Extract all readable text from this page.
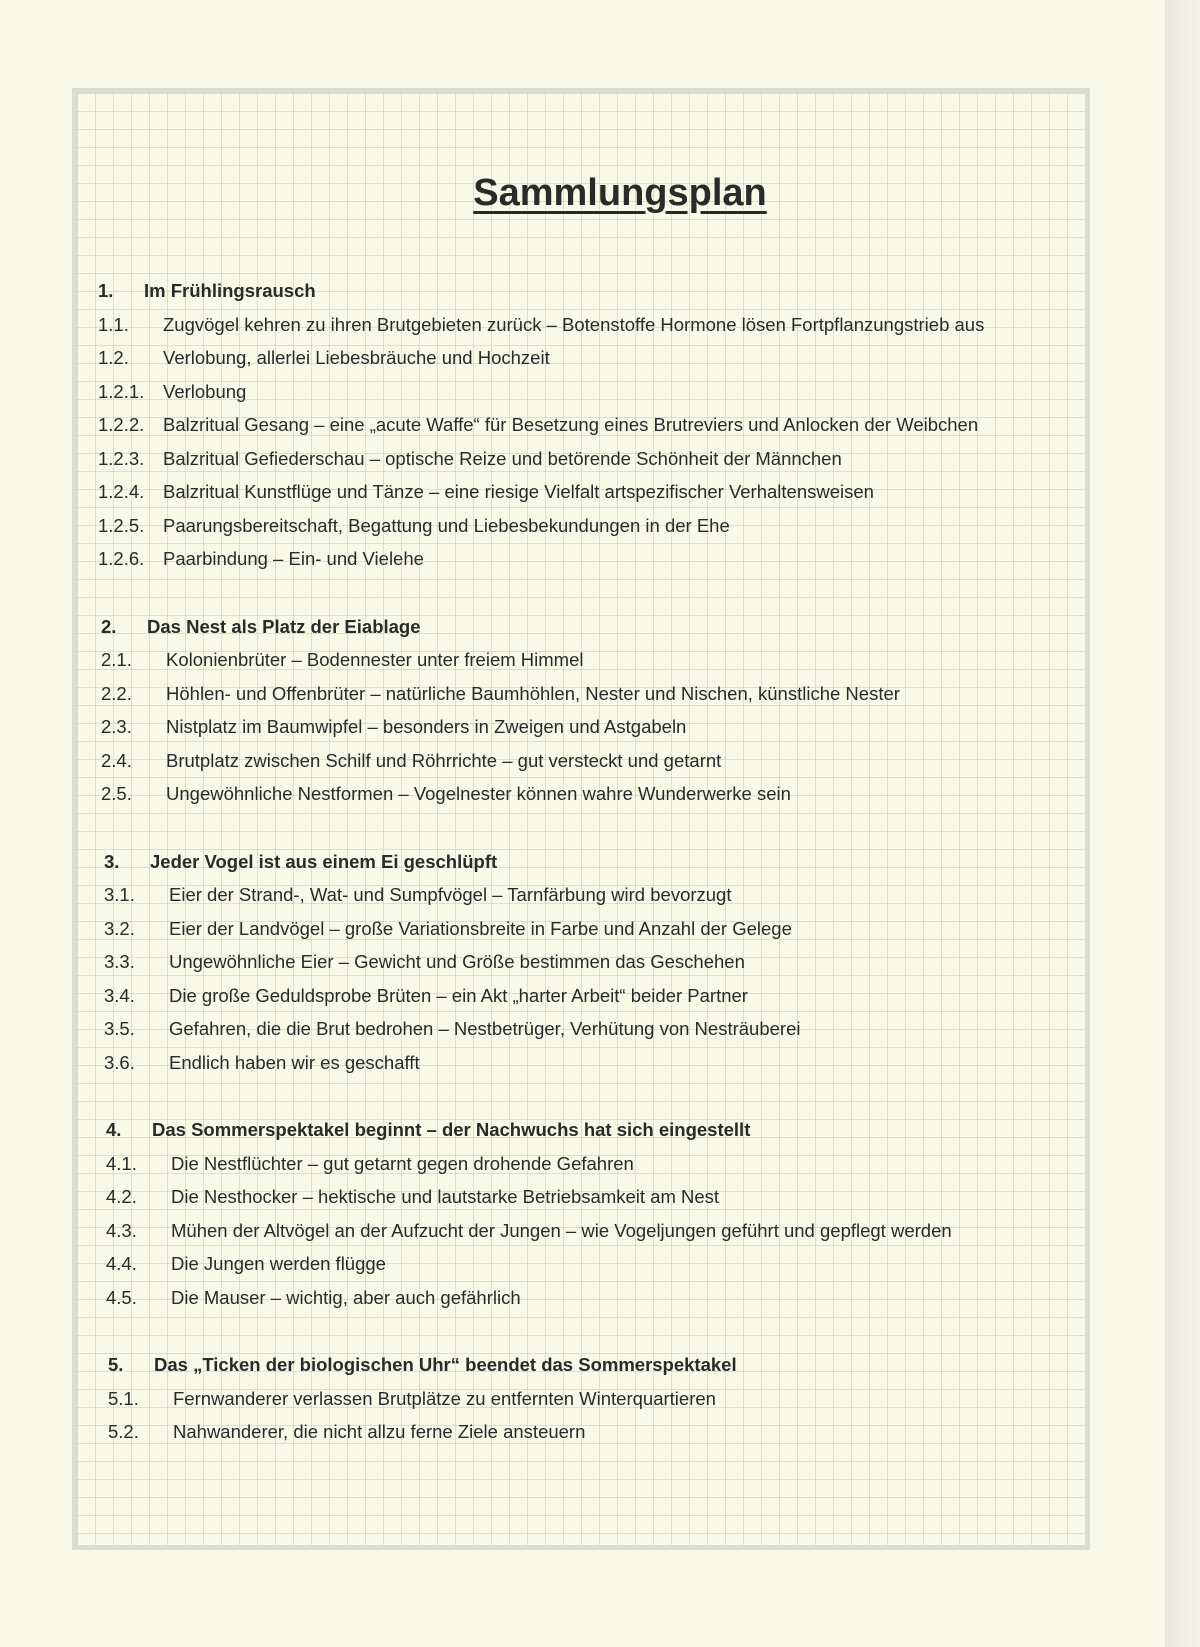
Sammlungsplan
1.	Im Frühlingsrausch
1.1.	Zugvögel kehren zu ihren Brutgebieten zurück – Botenstoffe Hormone lösen Fortpflanzungstrieb aus
1.2.	Verlobung, allerlei Liebesbräuche und Hochzeit
1.2.1.	Verlobung
1.2.2.	Balzritual Gesang – eine „acute Waffe“ für Besetzung eines Brutreviers und Anlocken der Weibchen
1.2.3.	Balzritual Gefiederschau – optische Reize und betörende Schönheit der Männchen
1.2.4.	Balzritual Kunstflüge und Tänze – eine riesige Vielfalt artspezifischer Verhaltensweisen
1.2.5.	Paarungsbereitschaft, Begattung und Liebesbekundungen in der Ehe
1.2.6.	Paarbindung – Ein- und Vielehe
2.	Das Nest als Platz der Eiablage
2.1.	Kolonienbrüter – Bodennester unter freiem Himmel
2.2.	Höhlen- und Offenbrüter – natürliche Baumhöhlen, Nester und Nischen, künstliche Nester
2.3.	Nistplatz im Baumwipfel – besonders in Zweigen und Astgabeln
2.4.	Brutplatz zwischen Schilf und Röhrrichte – gut versteckt und getarnt
2.5.	Ungewöhnliche Nestformen – Vogelnester können wahre Wunderwerke sein
3.	Jeder Vogel ist aus einem Ei geschlüpft
3.1.	Eier der Strand-, Wat- und Sumpfvögel – Tarnfärbung wird bevorzugt
3.2.	Eier der Landvögel – große Variationsbreite in Farbe und Anzahl der Gelege
3.3.	Ungewöhnliche Eier – Gewicht und Größe bestimmen das Geschehen
3.4.	Die große Geduldsprobe Brüten – ein Akt „harter Arbeit“ beider Partner
3.5.	Gefahren, die die Brut bedrohen – Nestbetrüger, Verhütung von Nesträuberei
3.6.	Endlich haben wir es geschafft
4.	Das Sommerspektakel beginnt – der Nachwuchs hat sich eingestellt
4.1.	Die Nestflüchter – gut getarnt gegen drohende Gefahren
4.2.	Die Nesthocker – hektische und lautstarke Betriebsamkeit am Nest
4.3.	Mühen der Altvögel an der Aufzucht der Jungen – wie Vogeljungen geführt und gepflegt werden
4.4.	Die Jungen werden flügge
4.5.	Die Mauser – wichtig, aber auch gefährlich
5.	Das „Ticken der biologischen Uhr“ beendet das Sommerspektakel
5.1.	Fernwanderer verlassen Brutplätze zu entfernten Winterquartieren
5.2.	Nahwanderer, die nicht allzu ferne Ziele ansteuern
